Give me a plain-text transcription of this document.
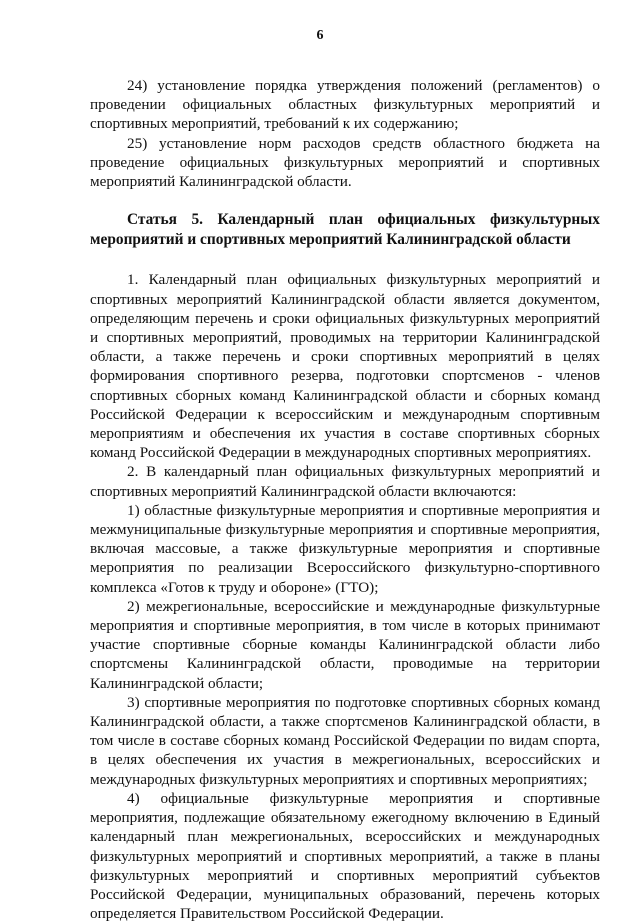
6

24) установление порядка утверждения положений (регламентов) о проведении официальных областных физкультурных мероприятий и спортивных мероприятий, требований к их содержанию;

25) установление норм расходов средств областного бюджета на проведение официальных физкультурных мероприятий и спортивных мероприятий Калининградской области.

Статья 5. Календарный план официальных физкультурных мероприятий и спортивных мероприятий Калининградской области

1. Календарный план официальных физкультурных мероприятий и спортивных мероприятий Калининградской области является документом, определяющим перечень и сроки официальных физкультурных мероприятий и спортивных мероприятий, проводимых на территории Калининградской области, а также перечень и сроки спортивных мероприятий в целях формирования спортивного резерва, подготовки спортсменов - членов спортивных сборных команд Калининградской области и сборных команд Российской Федерации к всероссийским и международным спортивным мероприятиям и обеспечения их участия в составе спортивных сборных команд Российской Федерации в международных спортивных мероприятиях.

2. В календарный план официальных физкультурных мероприятий и спортивных мероприятий Калининградской области включаются:

1) областные физкультурные мероприятия и спортивные мероприятия и межмуниципальные физкультурные мероприятия и спортивные мероприятия, включая массовые, а также физкультурные мероприятия и спортивные мероприятия по реализации Всероссийского физкультурно-спортивного комплекса «Готов к труду и обороне» (ГТО);

2) межрегиональные, всероссийские и международные физкультурные мероприятия и спортивные мероприятия, в том числе в которых принимают участие спортивные сборные команды Калининградской области либо спортсмены Калининградской области, проводимые на территории Калининградской области;

3) спортивные мероприятия по подготовке спортивных сборных команд Калининградской области, а также спортсменов Калининградской области, в том числе в составе сборных команд Российской Федерации по видам спорта, в целях обеспечения их участия в межрегиональных, всероссийских и международных физкультурных мероприятиях и спортивных мероприятиях;

4) официальные физкультурные мероприятия и спортивные мероприятия, подлежащие обязательному ежегодному включению в Единый календарный план межрегиональных, всероссийских и международных физкультурных мероприятий и спортивных мероприятий, а также в планы физкультурных мероприятий и спортивных мероприятий субъектов Российской Федерации, муниципальных образований, перечень которых определяется Правительством Российской Федерации.
